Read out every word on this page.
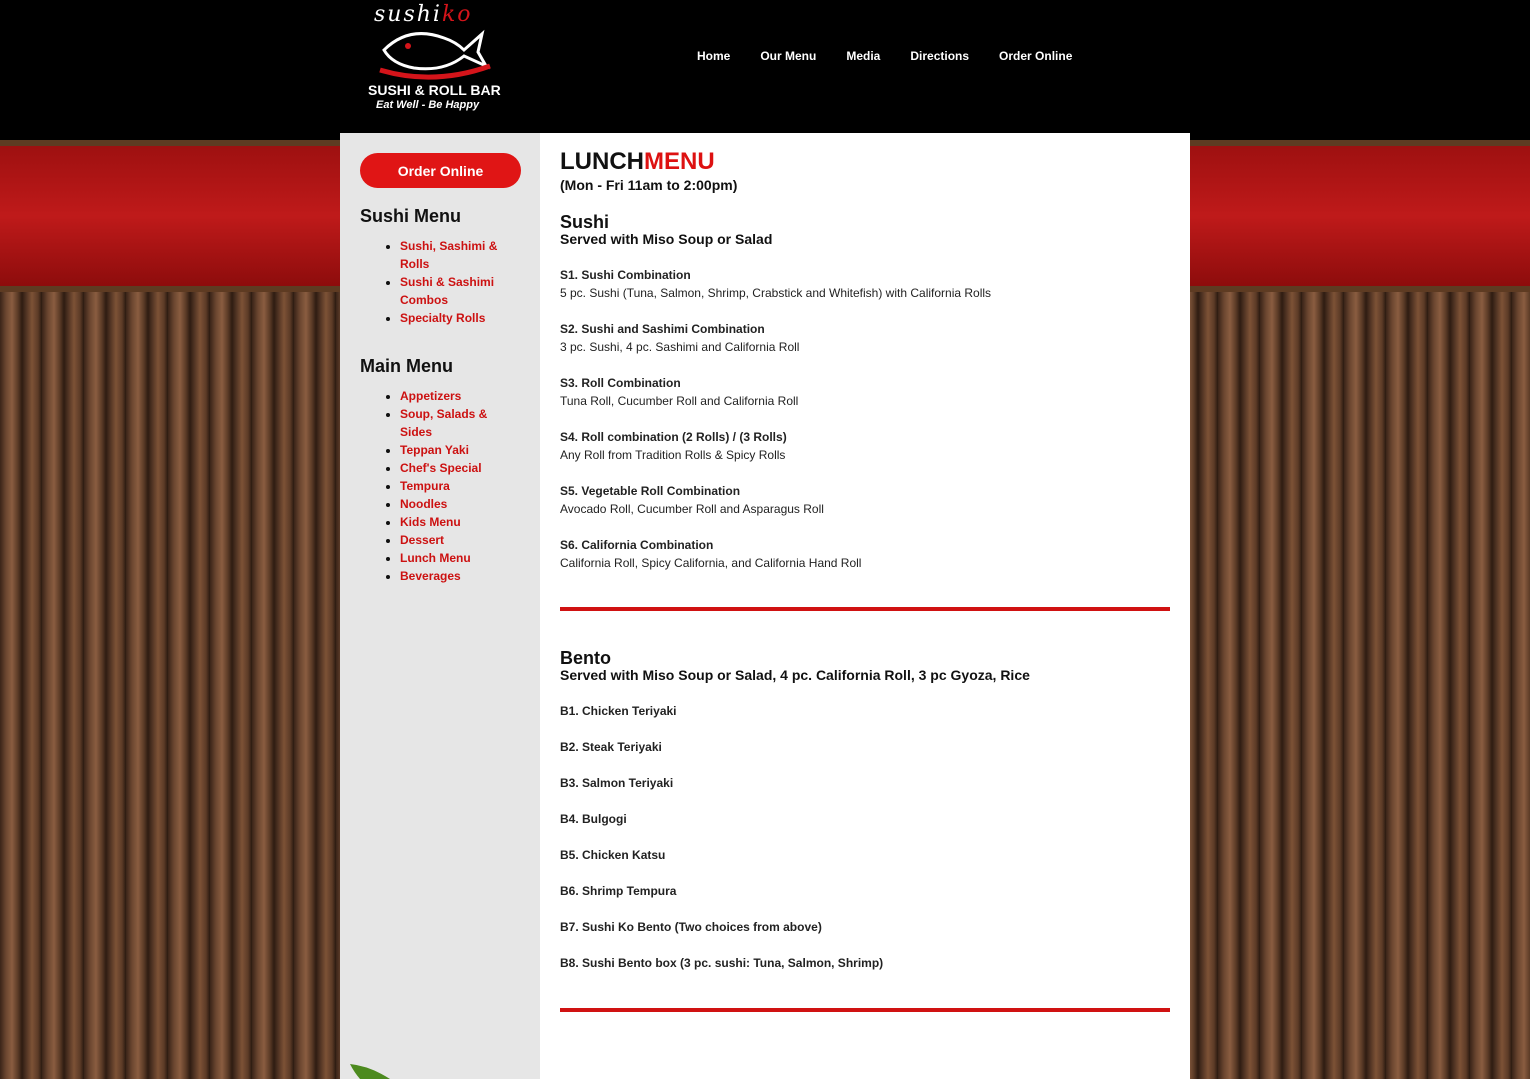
sushiko
SUSHI & ROLL BAR
Eat Well - Be Happy
Home	Our Menu	Media	Directions	Order Online
Order Online
Sushi Menu
• Sushi, Sashimi & Rolls
• Sushi & Sashimi Combos
• Specialty Rolls
Main Menu
• Appetizers
• Soup, Salads & Sides
• Teppan Yaki
• Chef's Special
• Tempura
• Noodles
• Kids Menu
• Dessert
• Lunch Menu
• Beverages
LUNCHMENU
(Mon - Fri 11am to 2:00pm)
Sushi
Served with Miso Soup or Salad
S1. Sushi Combination
5 pc. Sushi (Tuna, Salmon, Shrimp, Crabstick and Whitefish) with California Rolls
S2. Sushi and Sashimi Combination
3 pc. Sushi, 4 pc. Sashimi and California Roll
S3. Roll Combination
Tuna Roll, Cucumber Roll and California Roll
S4. Roll combination (2 Rolls) / (3 Rolls)
Any Roll from Tradition Rolls & Spicy Rolls
S5. Vegetable Roll Combination
Avocado Roll, Cucumber Roll and Asparagus Roll
S6. California Combination
California Roll, Spicy California, and California Hand Roll
Bento
Served with Miso Soup or Salad, 4 pc. California Roll, 3 pc Gyoza, Rice
B1. Chicken Teriyaki
B2. Steak Teriyaki
B3. Salmon Teriyaki
B4. Bulgogi
B5. Chicken Katsu
B6. Shrimp Tempura
B7. Sushi Ko Bento (Two choices from above)
B8. Sushi Bento box (3 pc. sushi: Tuna, Salmon, Shrimp)
